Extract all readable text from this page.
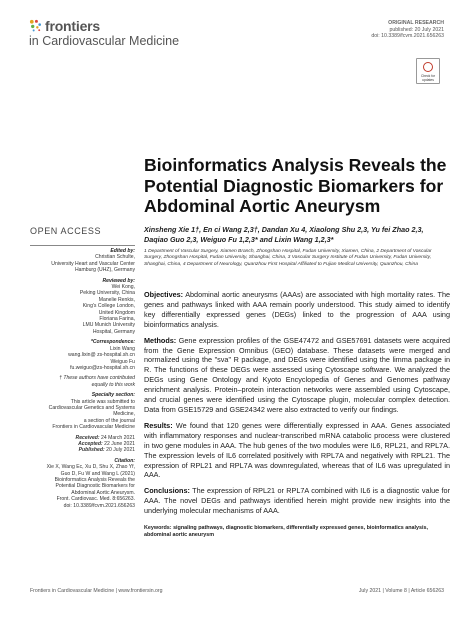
frontiers
in Cardiovascular Medicine
ORIGINAL RESEARCH
published: 20 July 2021
doi: 10.3389/fcvm.2021.656263
Check for
updates
Bioinformatics Analysis Reveals the Potential Diagnostic Biomarkers for Abdominal Aortic Aneurysm
OPEN ACCESS
Edited by:
Christian Schulte,
University Heart and Vascular Center
Hamburg (UHZ), Germany
Reviewed by:
Wei Kong,
Peking University, China
Manelie Renkis,
King's College London,
United Kingdom
Floriana Farina,
LMU Munich University
Hospital, Germany
*Correspondence:
Lixin Wang
wang.lixin@ zs-hospital.sh.cn
Weiguo Fu
fu.weiguo@zs-hospital.sh.cn
† These authors have contributed
equally to this work
Specialty section:
This article was submitted to
Cardiovascular Genetics and Systems
Medicine,
a section of the journal
Frontiers in Cardiovascular Medicine
Received: 24 March 2021
Accepted: 22 June 2021
Published: 20 July 2021
Citation:
Xie X, Wang Ec, Xu D, Shu X, Zhao Yf,
Guo D, Fu W and Wang L (2021)
Bioinformatics Analysis Reveals the
Potential Diagnostic Biomarkers for
Abdominal Aortic Aneurysm.
Front. Cardiovasc. Med. 8:656263.
doi: 10.3389/fcvm.2021.656263
Xinsheng Xie 1†, En ci Wang 2,3†, Dandan Xu 4, Xiaolong Shu 2,3, Yu fei Zhao 2,3, Daqiao Guo 2,3, Weiguo Fu 1,2,3* and Lixin Wang 1,2,3*
1 Department of Vascular Surgery, Xiamen Branch, Zhongshan Hospital, Fudan University, Xiamen, China, 2 Department of Vascular Surgery, Zhongshan Hospital, Fudan University, Shanghai, China, 3 Vascular Surgery Institute of Fudan University, Fudan University, Shanghai, China, 4 Department of Neurology, Quanzhou First Hospital Affiliated to Fujian Medical University, Quanzhou, China

Objectives: Abdominal aortic aneurysms (AAAs) are associated with high mortality rates. The genes and pathways linked with AAA remain poorly understood. This study aimed to identify key differentially expressed genes (DEGs) linked to the progression of AAA using bioinformatics analysis.

Methods: Gene expression profiles of the GSE47472 and GSE57691 datasets were acquired from the Gene Expression Omnibus (GEO) database. These datasets were merged and normalized using the "sva" R package, and DEGs were identified using the limma package in R. The functions of these DEGs were assessed using Cytoscape software. We analyzed the DEGs using Gene Ontology and Kyoto Encyclopedia of Genes and Genomes pathway enrichment analysis. Protein–protein interaction networks were assembled using Cytoscape, and crucial genes were identified using the Cytoscape plugin, molecular complex detection. Data from GSE15729 and GSE24342 were also extracted to verify our findings.

Results: We found that 120 genes were differentially expressed in AAA. Genes associated with inflammatory responses and nuclear-transcribed mRNA catabolic process were clustered in two gene modules in AAA. The hub genes of the two modules were IL6, RPL21, and RPL7A. The expression levels of IL6 correlated positively with RPL7A and negatively with RPL21. The expression of RPL21 and RPL7A was downregulated, whereas that of IL6 was upregulated in AAA.

Conclusions: The expression of RPL21 or RPL7A combined with IL6 is a diagnostic value for AAA. The novel DEGs and pathways identified herein might provide new insights into the underlying molecular mechanisms of AAA.

Keywords: signaling pathways, diagnostic biomarkers, differentially expressed genes, bioinformatics analysis, abdominal aortic aneurysm
Frontiers in Cardiovascular Medicine | www.frontiersin.org	July 2021 | Volume 8 | Article 656263
